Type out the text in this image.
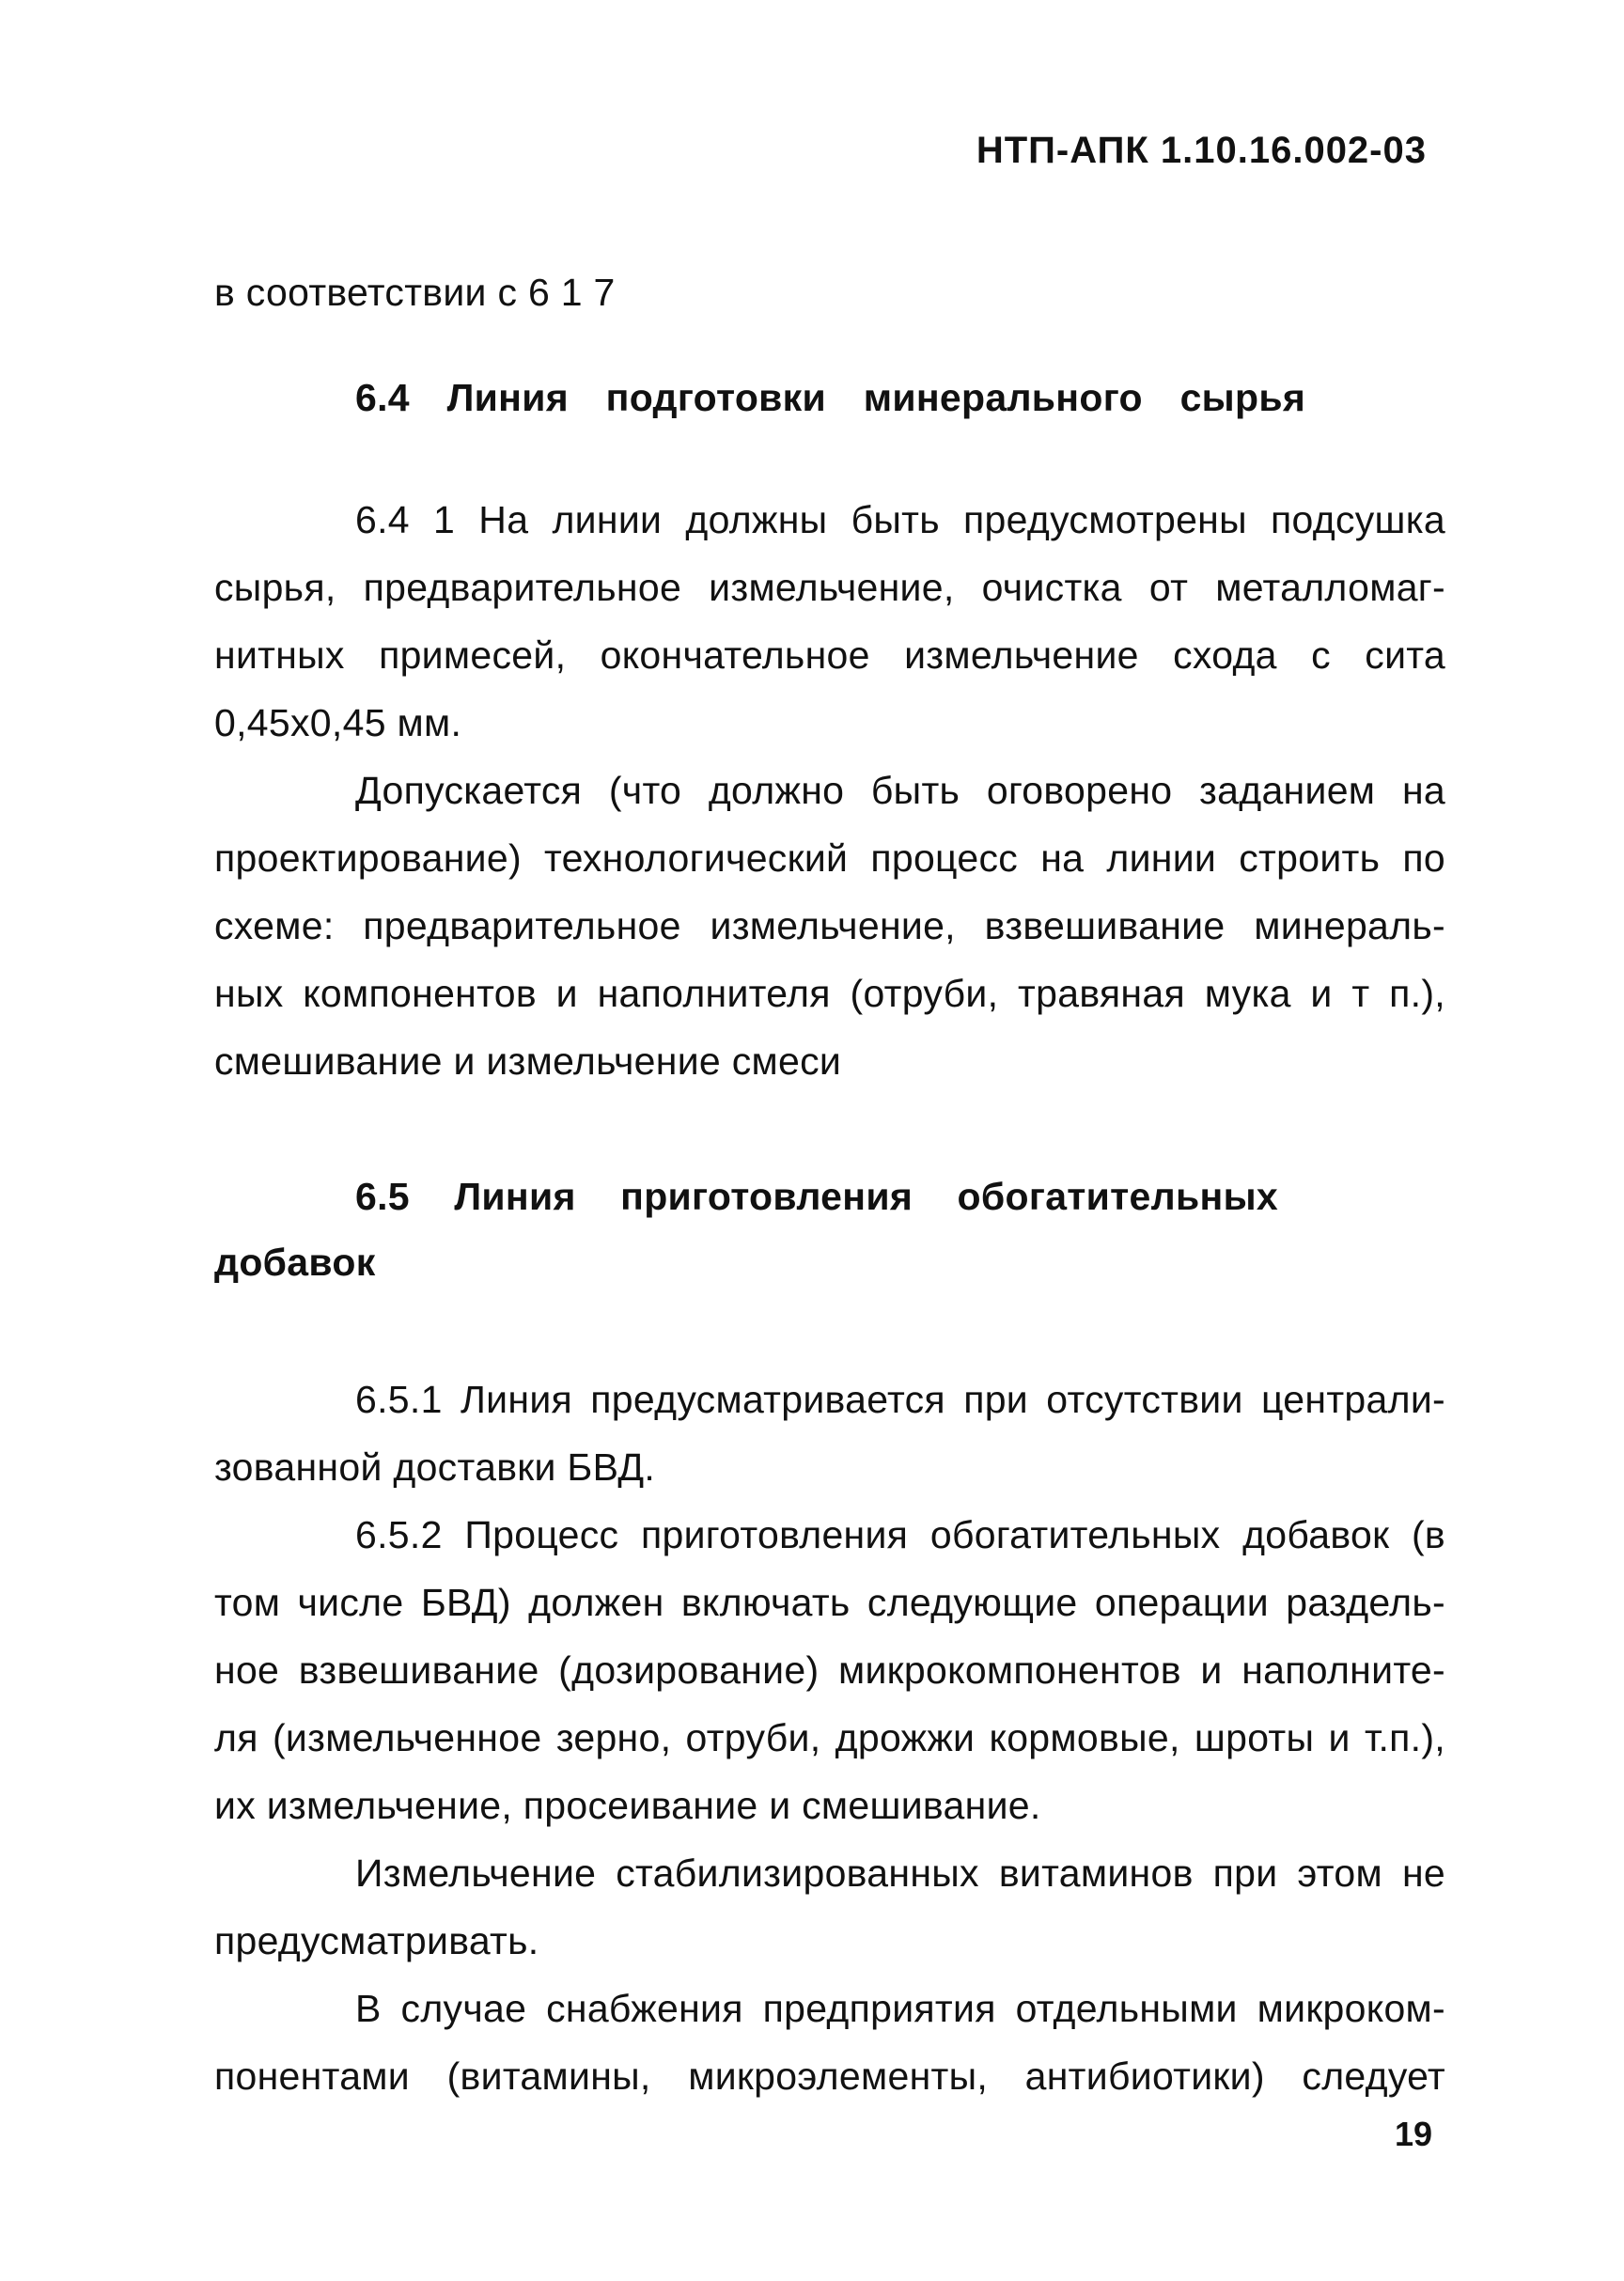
НТП-АПК 1.10.16.002-03
в соответствии с 6 1 7
6.4 Линия подготовки минерального сырья
6.4 1 На линии должны быть предусмотрены подсушка
сырья, предварительное измельчение, очистка от металломаг-
нитных примесей, окончательное измельчение схода с сита
0,45х0,45 мм.
Допускается (что должно быть оговорено заданием на
проектирование) технологический процесс на линии строить по
схеме: предварительное измельчение, взвешивание минераль-
ных компонентов и наполнителя (отруби, травяная мука и т п.),
смешивание и измельчение смеси
6.5 Линия приготовления обогатительных
добавок
6.5.1 Линия предусматривается при отсутствии централи-
зованной доставки БВД.
6.5.2 Процесс приготовления обогатительных добавок (в
том числе БВД) должен включать следующие операции раздель-
ное взвешивание (дозирование) микрокомпонентов и наполните-
ля (измельченное зерно, отруби, дрожжи кормовые, шроты и т.п.),
их измельчение, просеивание и смешивание.
Измельчение стабилизированных витаминов при этом не
предусматривать.
В случае снабжения предприятия отдельными микроком-
понентами (витамины, микроэлементы, антибиотики) следует
19
